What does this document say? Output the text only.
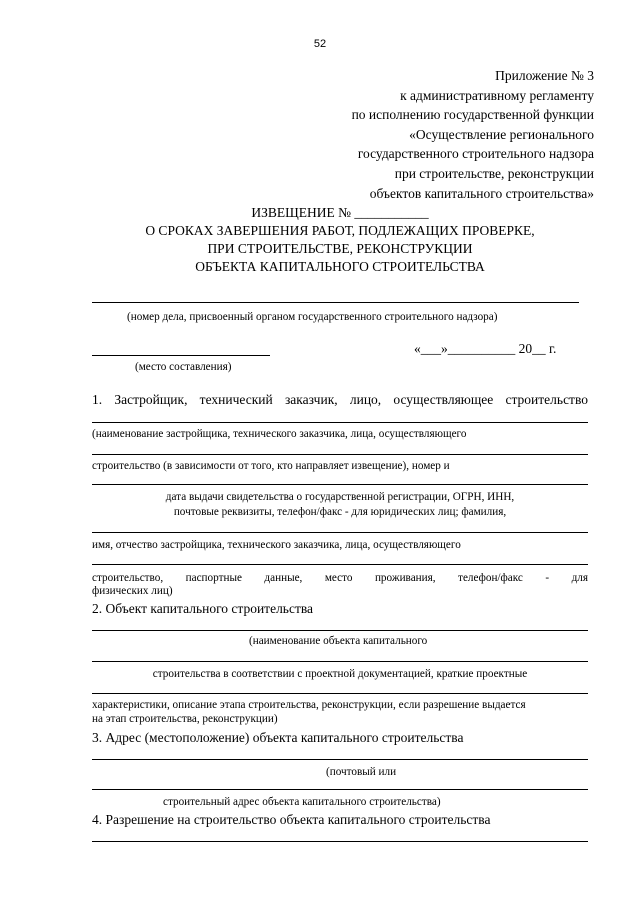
52
Приложение № 3
к административному регламенту
по исполнению государственной функции
«Осуществление регионального
государственного строительного надзора
при строительстве, реконструкции
объектов капитального строительства»
ИЗВЕЩЕНИЕ № ___________
О СРОКАХ ЗАВЕРШЕНИЯ РАБОТ, ПОДЛЕЖАЩИХ ПРОВЕРКЕ,
ПРИ СТРОИТЕЛЬСТВЕ, РЕКОНСТРУКЦИИ
ОБЪЕКТА КАПИТАЛЬНОГО СТРОИТЕЛЬСТВА
(номер дела, присвоенный органом государственного строительного надзора)
(место составления)
«___»__________ 20__ г.
1. Застройщик, технический заказчик, лицо, осуществляющее строительство
(наименование застройщика, технического заказчика, лица, осуществляющего
строительство (в зависимости от того, кто направляет извещение), номер и
дата выдачи свидетельства о государственной регистрации, ОГРН, ИНН,
почтовые реквизиты, телефон/факс - для юридических лиц; фамилия,
имя, отчество застройщика, технического заказчика, лица, осуществляющего
строительство, паспортные данные, место проживания, телефон/факс - для
физических лиц)
2. Объект капитального строительства
(наименование объекта капитального
строительства в соответствии с проектной документацией, краткие проектные
характеристики, описание этапа строительства, реконструкции, если разрешение выдается
на этап строительства, реконструкции)
3. Адрес (местоположение) объекта капитального строительства
(почтовый или
строительный адрес объекта капитального строительства)
4. Разрешение на строительство объекта капитального строительства
